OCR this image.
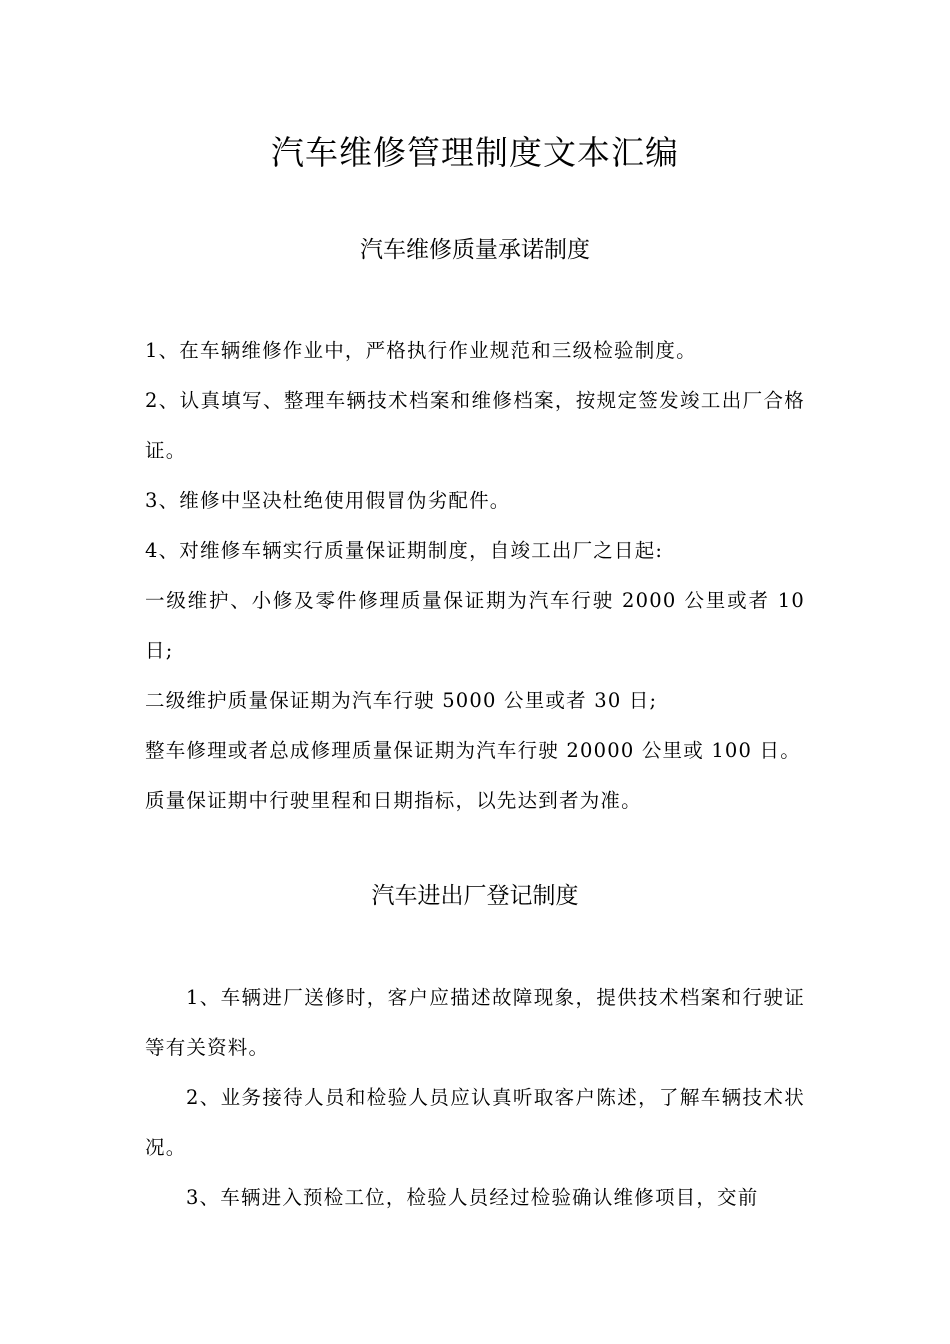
汽车维修管理制度文本汇编
汽车维修质量承诺制度

1、在车辆维修作业中，严格执行作业规范和三级检验制度。

2、认真填写、整理车辆技术档案和维修档案，按规定签发竣工出厂合格证。

3、维修中坚决杜绝使用假冒伪劣配件。

4、对维修车辆实行质量保证期制度，自竣工出厂之日起:

一级维护、小修及零件修理质量保证期为汽车行驶 2000 公里或者 10 日;

二级维护质量保证期为汽车行驶 5000 公里或者 30 日;

整车修理或者总成修理质量保证期为汽车行驶 20000 公里或 100 日。

质量保证期中行驶里程和日期指标，以先达到者为准。

汽车进出厂登记制度

1、车辆进厂送修时，客户应描述故障现象，提供技术档案和行驶证等有关资料。

2、业务接待人员和检验人员应认真听取客户陈述，了解车辆技术状况。

3、车辆进入预检工位，检验人员经过检验确认维修项目，交前
